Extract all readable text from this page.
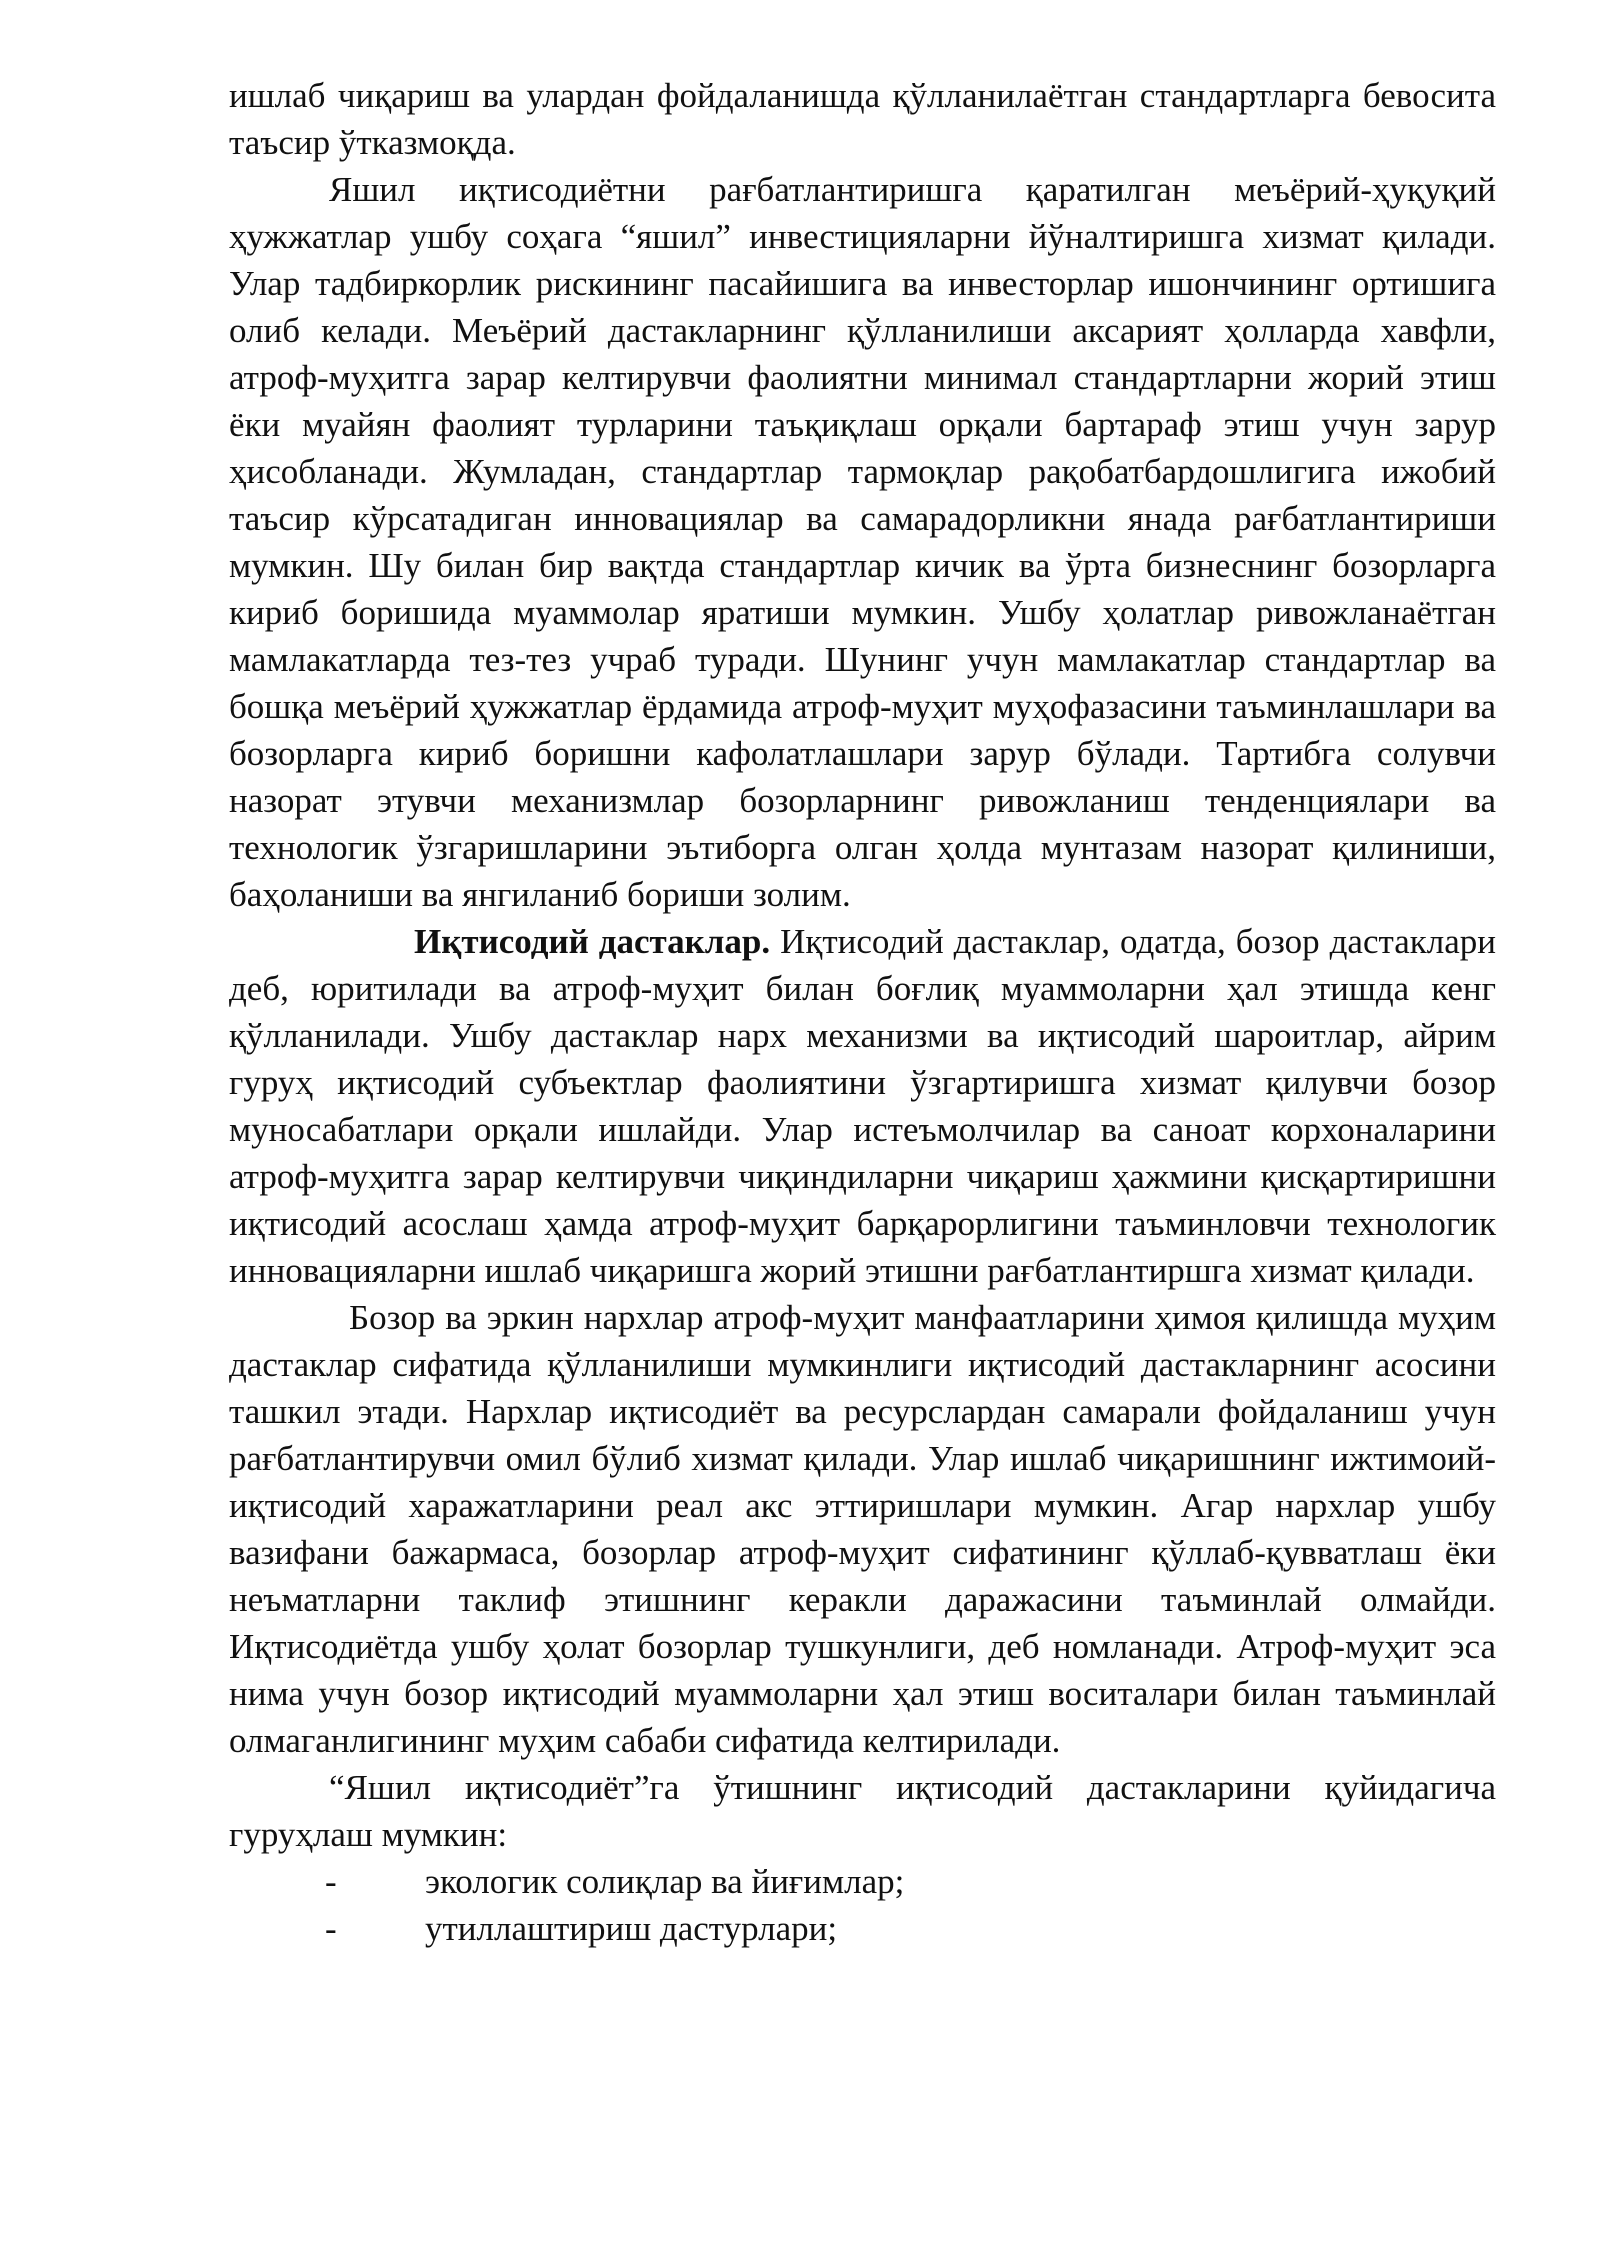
ишлаб чиқариш ва улардан фойдаланишда қўлланилаётган стандартларга бевосита таъсир ўтказмоқда.

Яшил иқтисодиётни рағбатлантиришга қаратилган меъёрий-ҳуқуқий ҳужжатлар ушбу соҳага “яшил” инвестицияларни йўналтиришга хизмат қилади. Улар тадбиркорлик рискининг пасайишига ва инвесторлар ишончининг ортишига олиб келади. Меъёрий дастакларнинг қўлланилиши аксарият ҳолларда хавфли, атроф-муҳитга зарар келтирувчи фаолиятни минимал стандартларни жорий этиш ёки муайян фаолият турларини таъқиқлаш орқали бартараф этиш учун зарур ҳисобланади. Жумладан, стандартлар тармоқлар рақобатбардошлигига ижобий таъсир кўрсатадиган инновациялар ва самарадорликни янада рағбатлантириши мумкин. Шу билан бир вақтда стандартлар кичик ва ўрта бизнеснинг бозорларга кириб боришида муаммолар яратиши мумкин. Ушбу ҳолатлар ривожланаётган мамлакатларда тез-тез учраб туради. Шунинг учун мамлакатлар стандартлар ва бошқа меъёрий ҳужжатлар ёрдамида атроф-муҳит муҳофазасини таъминлашлари ва бозорларга кириб боришни кафолатлашлари зарур бўлади. Тартибга солувчи назорат этувчи механизмлар бозорларнинг ривожланиш тенденциялари ва технологик ўзгаришларини эътиборга олган ҳолда мунтазам назорат қилиниши, баҳоланиши ва янгиланиб бориши золим.

Иқтисодий дастаклар. Иқтисодий дастаклар, одатда, бозор дастаклари деб, юритилади ва атроф-муҳит билан боғлиқ муаммоларни ҳал этишда кенг қўлланилади. Ушбу дастаклар нарх механизми ва иқтисодий шароитлар, айрим гуруҳ иқтисодий субъектлар фаолиятини ўзгартиришга хизмат қилувчи бозор муносабатлари орқали ишлайди. Улар истеъмолчилар ва саноат корхоналарини атроф-муҳитга зарар келтирувчи чиқиндиларни чиқариш ҳажмини қисқартиришни иқтисодий асослаш ҳамда атроф-муҳит барқарорлигини таъминловчи технологик инновацияларни ишлаб чиқаришга жорий этишни рағбатлантиршга хизмат қилади.

Бозор ва эркин нархлар атроф-муҳит манфаатларини ҳимоя қилишда муҳим дастаклар сифатида қўлланилиши мумкинлиги иқтисодий дастакларнинг асосини ташкил этади. Нархлар иқтисодиёт ва ресурслардан самарали фойдаланиш учун рағбатлантирувчи омил бўлиб хизмат қилади. Улар ишлаб чиқаришнинг ижтимоий-иқтисодий харажатларини реал акс эттиришлари мумкин. Агар нархлар ушбу вазифани бажармаса, бозорлар атроф-муҳит сифатининг қўллаб-қувватлаш ёки неъматларни таклиф этишнинг керакли даражасини таъминлай олмайди. Иқтисодиётда ушбу ҳолат бозорлар тушкунлиги, деб номланади. Атроф-муҳит эса нима учун бозор иқтисодий муаммоларни ҳал этиш воситалари билан таъминлай олмаганлигининг муҳим сабаби сифатида келтирилади.

“Яшил иқтисодиёт”га ўтишнинг иқтисодий дастакларини қуйидагича гуруҳлаш мумкин:

-	экологик солиқлар ва йиғимлар;
-	утиллаштириш дастурлари;
